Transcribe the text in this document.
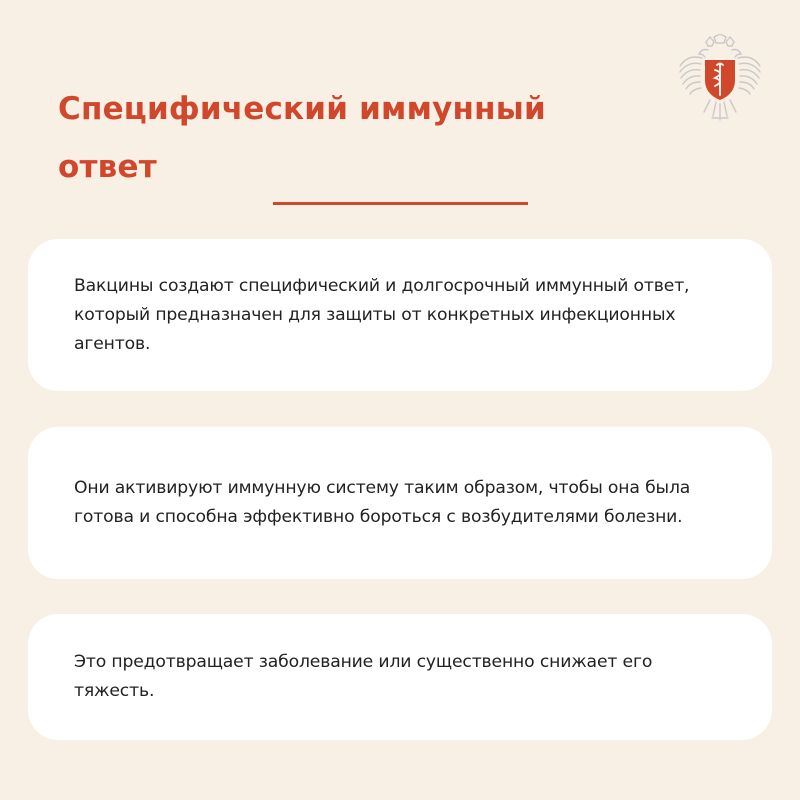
Специфический иммунный ответ

Вакцины создают специфический и долгосрочный иммунный ответ, который предназначен для защиты от конкретных инфекционных агентов.

Они активируют иммунную систему таким образом, чтобы она была готова и способна эффективно бороться с возбудителями болезни.

Это предотвращает заболевание или существенно снижает его тяжесть.
